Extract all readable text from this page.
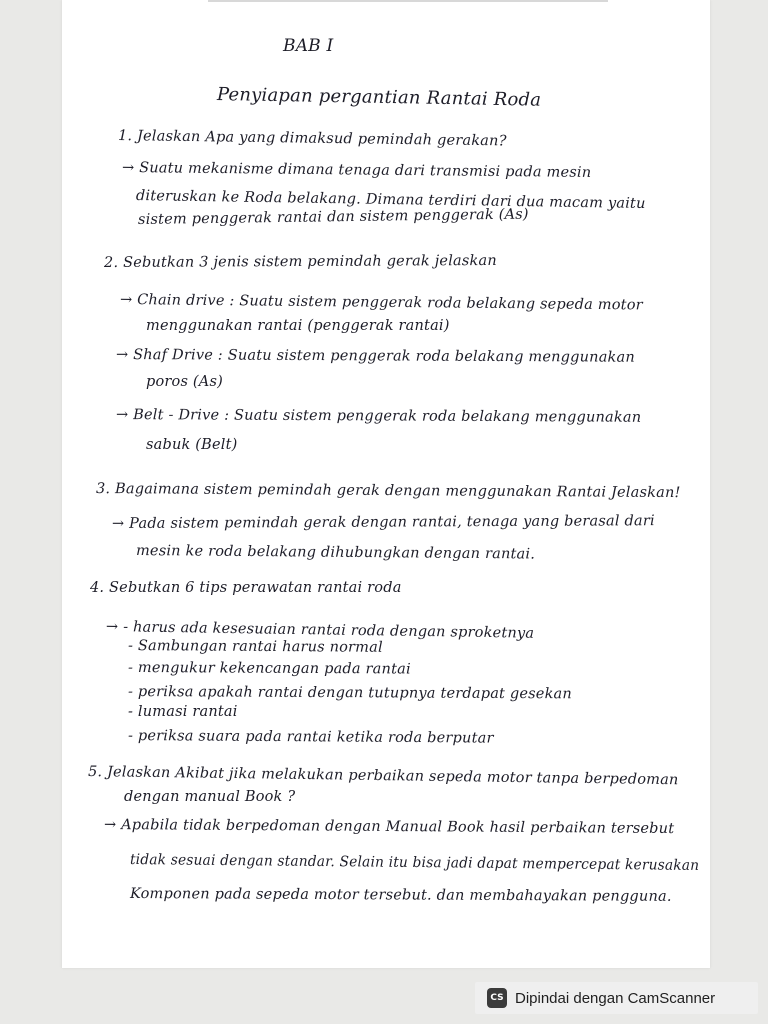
BAB I
Penyiapan pergantian Rantai Roda
1. Jelaskan Apa yang dimaksud pemindah gerakan?
→ Suatu mekanisme dimana tenaga dari transmisi pada mesin
diteruskan ke Roda belakang. Dimana terdiri dari dua macam yaitu
sistem penggerak rantai dan sistem penggerak (As)
2. Sebutkan 3 jenis sistem pemindah gerak jelaskan
→ Chain drive : Suatu sistem penggerak roda belakang sepeda motor
menggunakan rantai (penggerak rantai)
→ Shaf Drive : Suatu sistem penggerak roda belakang menggunakan
poros (As)
→ Belt - Drive : Suatu sistem penggerak roda belakang menggunakan
sabuk (Belt)
3. Bagaimana sistem pemindah gerak dengan menggunakan Rantai Jelaskan!
→ Pada sistem pemindah gerak dengan rantai, tenaga yang berasal dari
mesin ke roda belakang dihubungkan dengan rantai.
4. Sebutkan 6 tips perawatan rantai roda
→ - harus ada kesesuaian rantai roda dengan sproketnya
- Sambungan rantai harus normal
- mengukur kekencangan pada rantai
- periksa apakah rantai dengan tutupnya terdapat gesekan
- lumasi rantai
- periksa suara pada rantai ketika roda berputar
5. Jelaskan Akibat jika melakukan perbaikan sepeda motor tanpa berpedoman
dengan manual Book ?
→ Apabila tidak berpedoman dengan Manual Book hasil perbaikan tersebut
tidak sesuai dengan standar. Selain itu bisa jadi dapat mempercepat kerusakan
Komponen pada sepeda motor tersebut. dan membahayakan pengguna.
CS Dipindai dengan CamScanner
